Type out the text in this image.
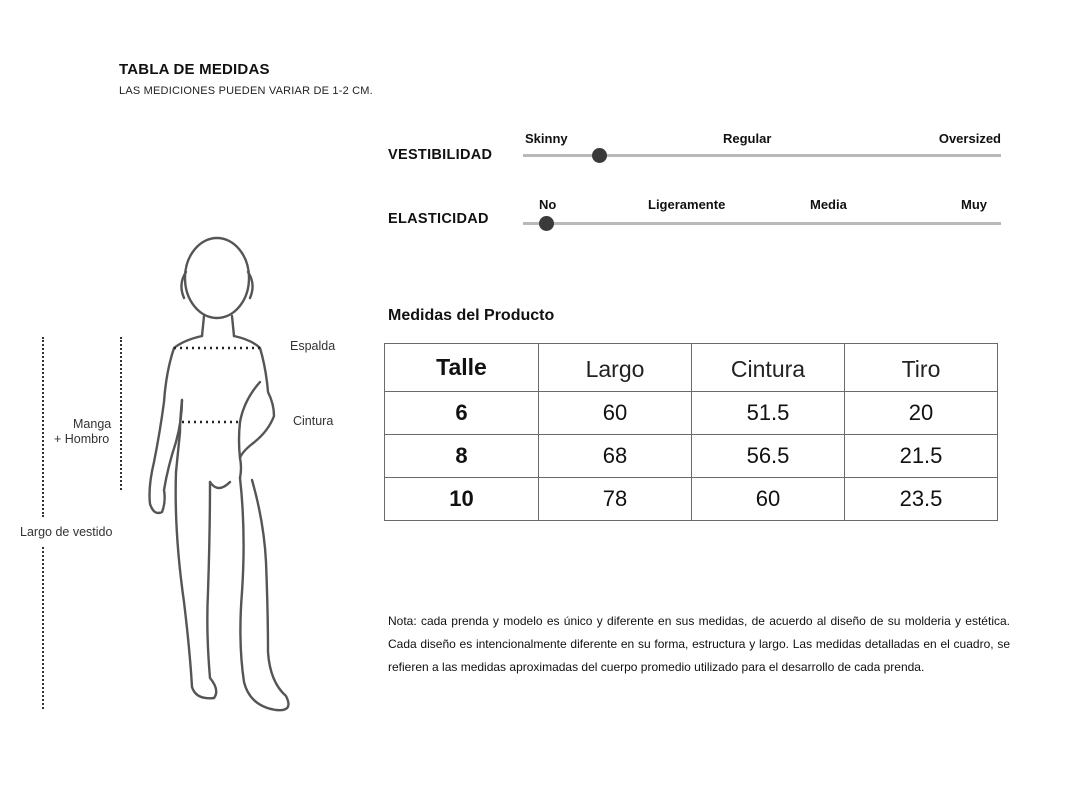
TABLA DE MEDIDAS
LAS MEDICIONES PUEDEN VARIAR DE 1-2 CM.
VESTIBILIDAD
Skinny	Regular	Oversized
ELASTICIDAD
No	Ligeramente	Media	Muy
Medidas del Producto
Talle	Largo	Cintura	Tiro
6	60	51.5	20
8	68	56.5	21.5
10	78	60	23.5
Nota: cada prenda y modelo es único y diferente en sus medidas, de acuerdo al diseño de su molderia y estética. Cada diseño es intencionalmente diferente en su forma, estructura y largo. Las medidas detalladas en el cuadro, se refieren a las medidas aproximadas del cuerpo promedio utilizado para el desarrollo de cada prenda.
Espalda
Cintura
Manga
+ Hombro
Largo de vestido
